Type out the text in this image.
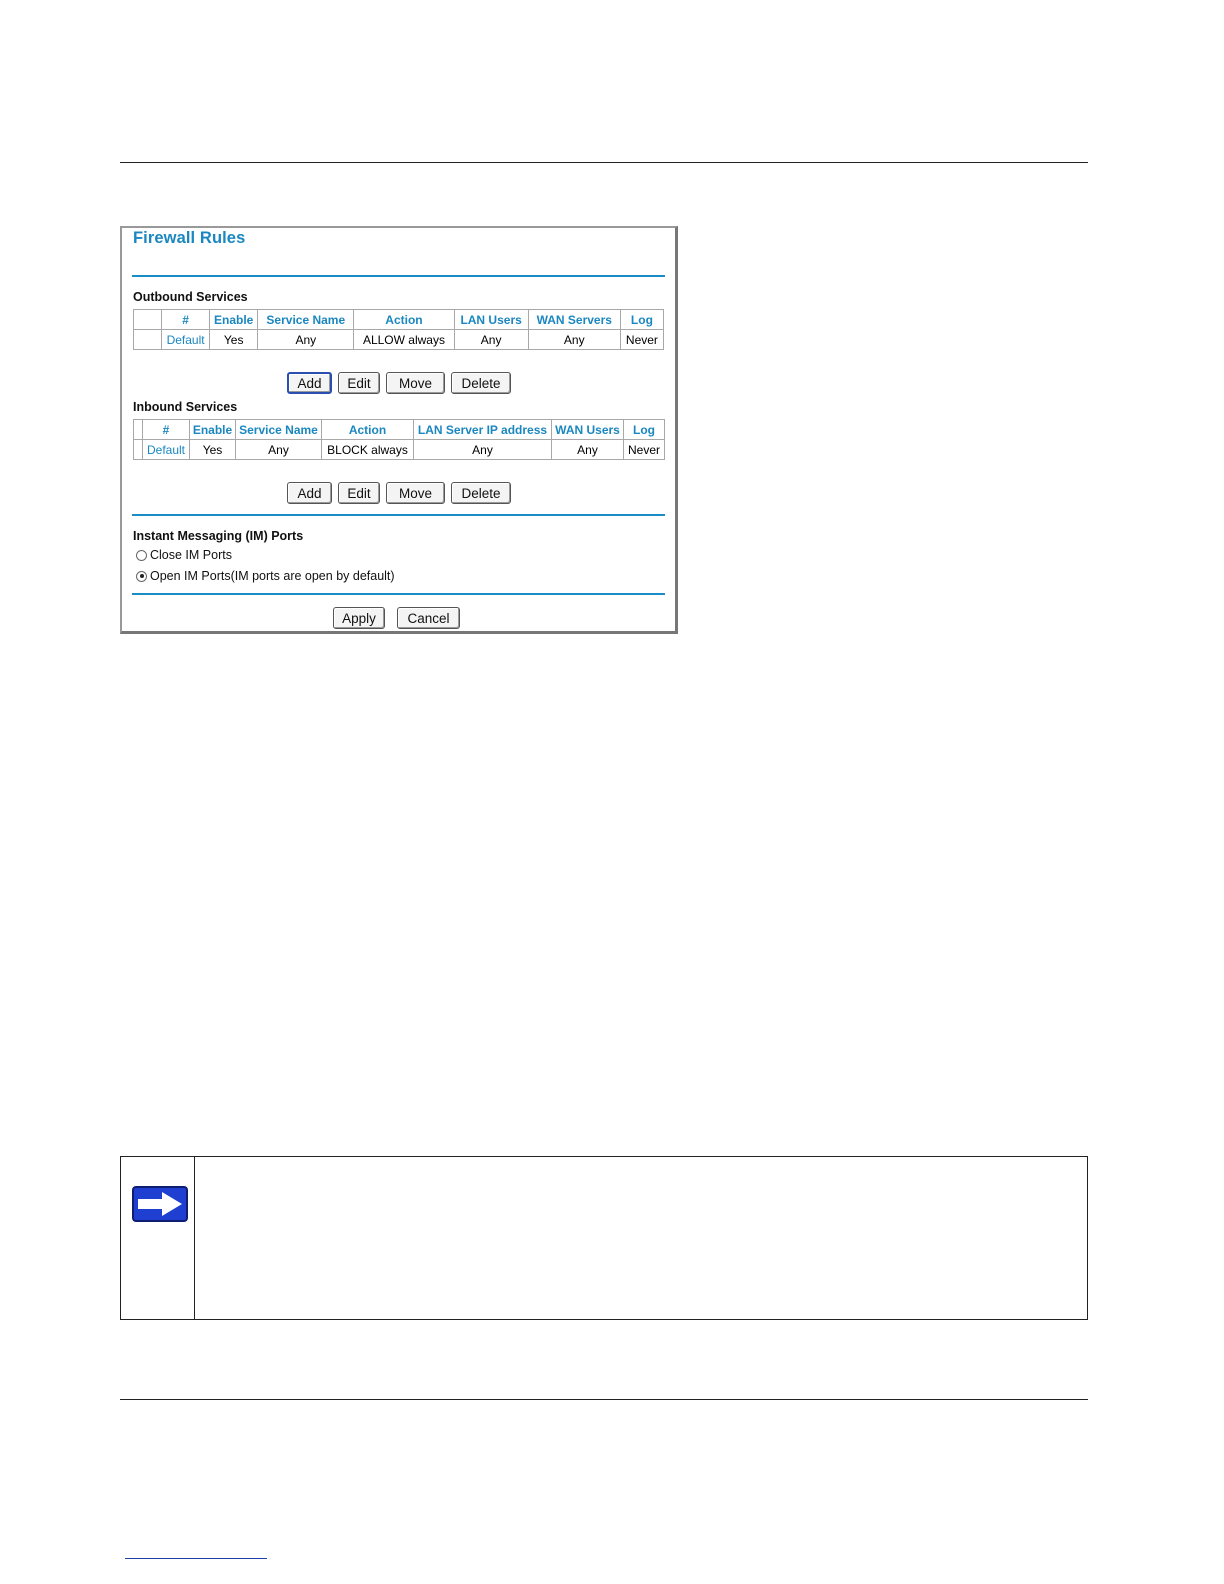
Firewall Rules
Outbound Services
	#	Enable	Service Name	Action	LAN Users	WAN Servers	Log
	Default	Yes	Any	ALLOW always	Any	Any	Never
Add	Edit	Move	Delete
Inbound Services
	#	Enable	Service Name	Action	LAN Server IP address	WAN Users	Log
	Default	Yes	Any	BLOCK always	Any	Any	Never
Add	Edit	Move	Delete
Instant Messaging (IM) Ports
Close IM Ports
Open IM Ports(IM ports are open by default)
Apply	Cancel
